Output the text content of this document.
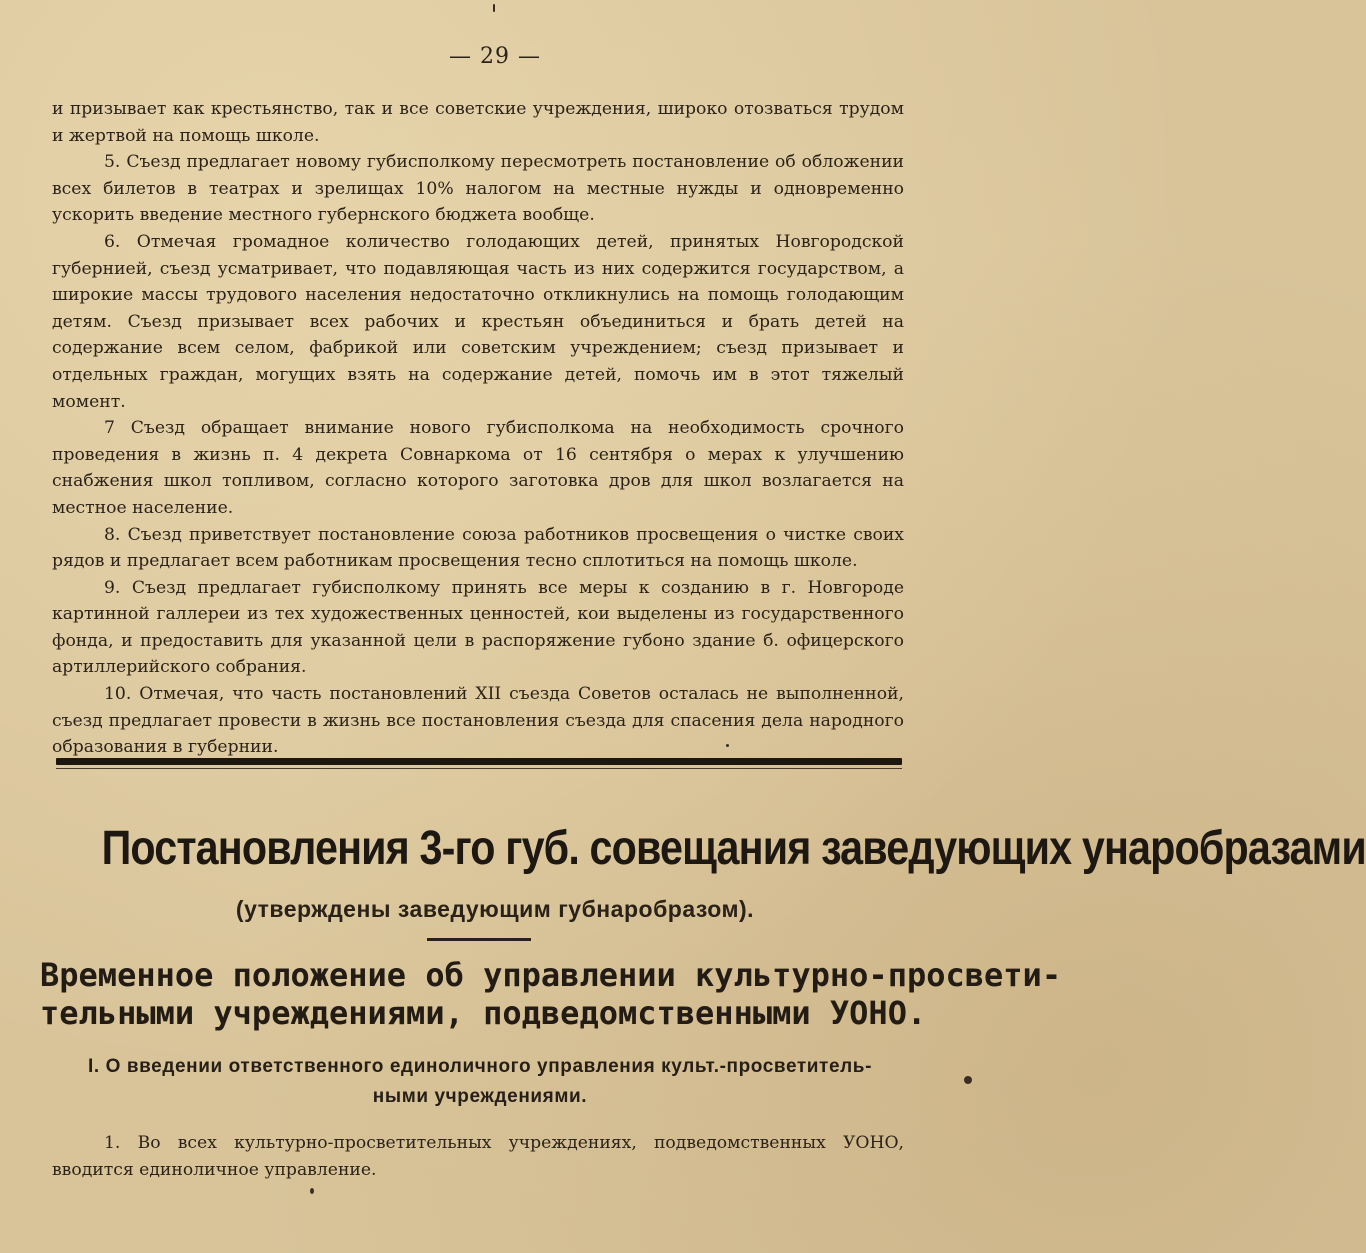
— 29 —

и призывает как крестьянство, так и все советские учреждения, широко отозваться трудом и жертвой на помощь школе.

5. Съезд предлагает новому губисполкому пересмотреть постановление об обложении всех билетов в театрах и зрелищах 10% налогом на местные нужды и одновременно ускорить введение местного губернского бюджета вообще.

6. Отмечая громадное количество голодающих детей, принятых Новгородской губернией, съезд усматривает, что подавляющая часть из них содержится государством, а широкие массы трудового населения недостаточно откликнулись на помощь голодающим детям. Съезд призывает всех рабочих и крестьян объединиться и брать детей на содержание всем селом, фабрикой или советским учреждением; съезд призывает и отдельных граждан, могущих взять на содержание детей, помочь им в этот тяжелый момент.

7 Съезд обращает внимание нового губисполкома на необходимость срочного проведения в жизнь п. 4 декрета Совнаркома от 16 сентября о мерах к улучшению снабжения школ топливом, согласно которого заготовка дров для школ возлагается на местное население.

8. Съезд приветствует постановление союза работников просвещения о чистке своих рядов и предлагает всем работникам просвещения тесно сплотиться на помощь школе.

9. Съезд предлагает губисполкому принять все меры к созданию в г. Новгороде картинной галлереи из тех художественных ценностей, кои выделены из государственного фонда, и предоставить для указанной цели в распоряжение губоно здание б. офицерского артиллерийского собрания.

10. Отмечая, что часть постановлений XII съезда Советов осталась не выполненной, съезд предлагает провести в жизнь все постановления съезда для спасения дела народного образования в губернии.

Постановления 3-го губ. совещания заведующих унаробразами
(утверждены заведующим губнаробразом).
Временное положение об управлении культурно-просвети-
тельными учреждениями, подведомственными УОНО.
I. О введении ответственного единоличного управления культ.-просветитель-
ными учреждениями.

1. Во всех культурно-просветительных учреждениях, подведомственных УОНО, вводится единоличное управление.
